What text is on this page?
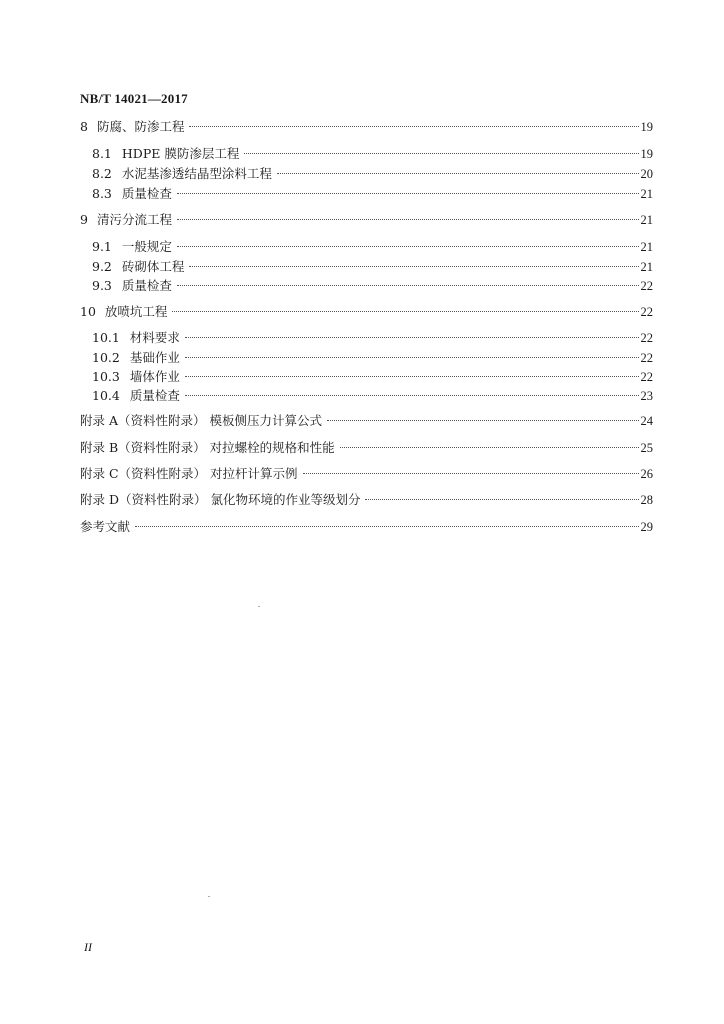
NB/T 14021—2017
8 防腐、防渗工程	19
8.1 HDPE 膜防渗层工程	19
8.2 水泥基渗透结晶型涂料工程	20
8.3 质量检查	21
9 清污分流工程	21
9.1 一般规定	21
9.2 砖砌体工程	21
9.3 质量检查	22
10 放喷坑工程	22
10.1 材料要求	22
10.2 基础作业	22
10.3 墙体作业	22
10.4 质量检查	23
附录 A （资料性附录） 模板侧压力计算公式	24
附录 B （资料性附录） 对拉螺栓的规格和性能	25
附录 C （资料性附录） 对拉杆计算示例	26
附录 D （资料性附录） 氯化物环境的作业等级划分	28
参考文献	29
II
